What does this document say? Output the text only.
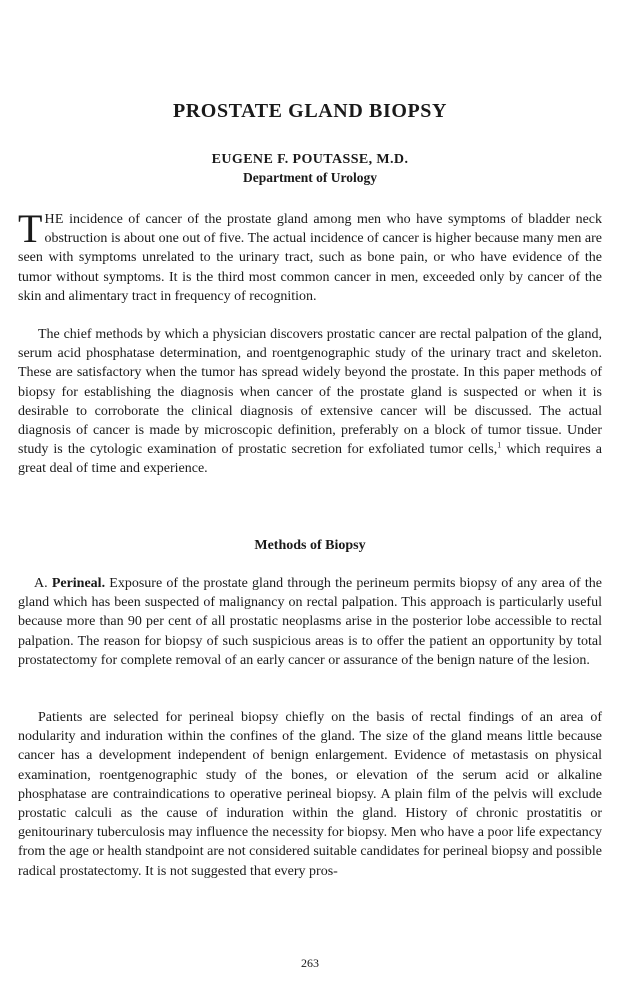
PROSTATE GLAND BIOPSY

EUGENE F. POUTASSE, M.D.

Department of Urology

THE incidence of cancer of the prostate gland among men who have symptoms of bladder neck obstruction is about one out of five. The actual incidence of cancer is higher because many men are seen with symptoms unrelated to the urinary tract, such as bone pain, or who have evidence of the tumor without symptoms. It is the third most common cancer in men, exceeded only by cancer of the skin and alimentary tract in frequency of recognition.

The chief methods by which a physician discovers prostatic cancer are rectal palpation of the gland, serum acid phosphatase determination, and roentgenographic study of the urinary tract and skeleton. These are satisfactory when the tumor has spread widely beyond the prostate. In this paper methods of biopsy for establishing the diagnosis when cancer of the prostate gland is suspected or when it is desirable to corroborate the clinical diagnosis of extensive cancer will be discussed. The actual diagnosis of cancer is made by microscopic definition, preferably on a block of tumor tissue. Under study is the cytologic examination of prostatic secretion for exfoliated tumor cells,$^1$ which requires a great deal of time and experience.

Methods of Biopsy

A. Perineal. Exposure of the prostate gland through the perineum permits biopsy of any area of the gland which has been suspected of malignancy on rectal palpation. This approach is particularly useful because more than 90 per cent of all prostatic neoplasms arise in the posterior lobe accessible to rectal palpation. The reason for biopsy of such suspicious areas is to offer the patient an opportunity by total prostatectomy for complete removal of an early cancer or assurance of the benign nature of the lesion.

Patients are selected for perineal biopsy chiefly on the basis of rectal findings of an area of nodularity and induration within the confines of the gland. The size of the gland means little because cancer has a development independent of benign enlargement. Evidence of metastasis on physical examination, roentgenographic study of the bones, or elevation of the serum acid or alkaline phosphatase are contraindications to operative perineal biopsy. A plain film of the pelvis will exclude prostatic calculi as the cause of induration within the gland. History of chronic prostatitis or genitourinary tuberculosis may influence the necessity for biopsy. Men who have a poor life expectancy from the age or health standpoint are not considered suitable candidates for perineal biopsy and possible radical prostatectomy. It is not suggested that every pros-

263
